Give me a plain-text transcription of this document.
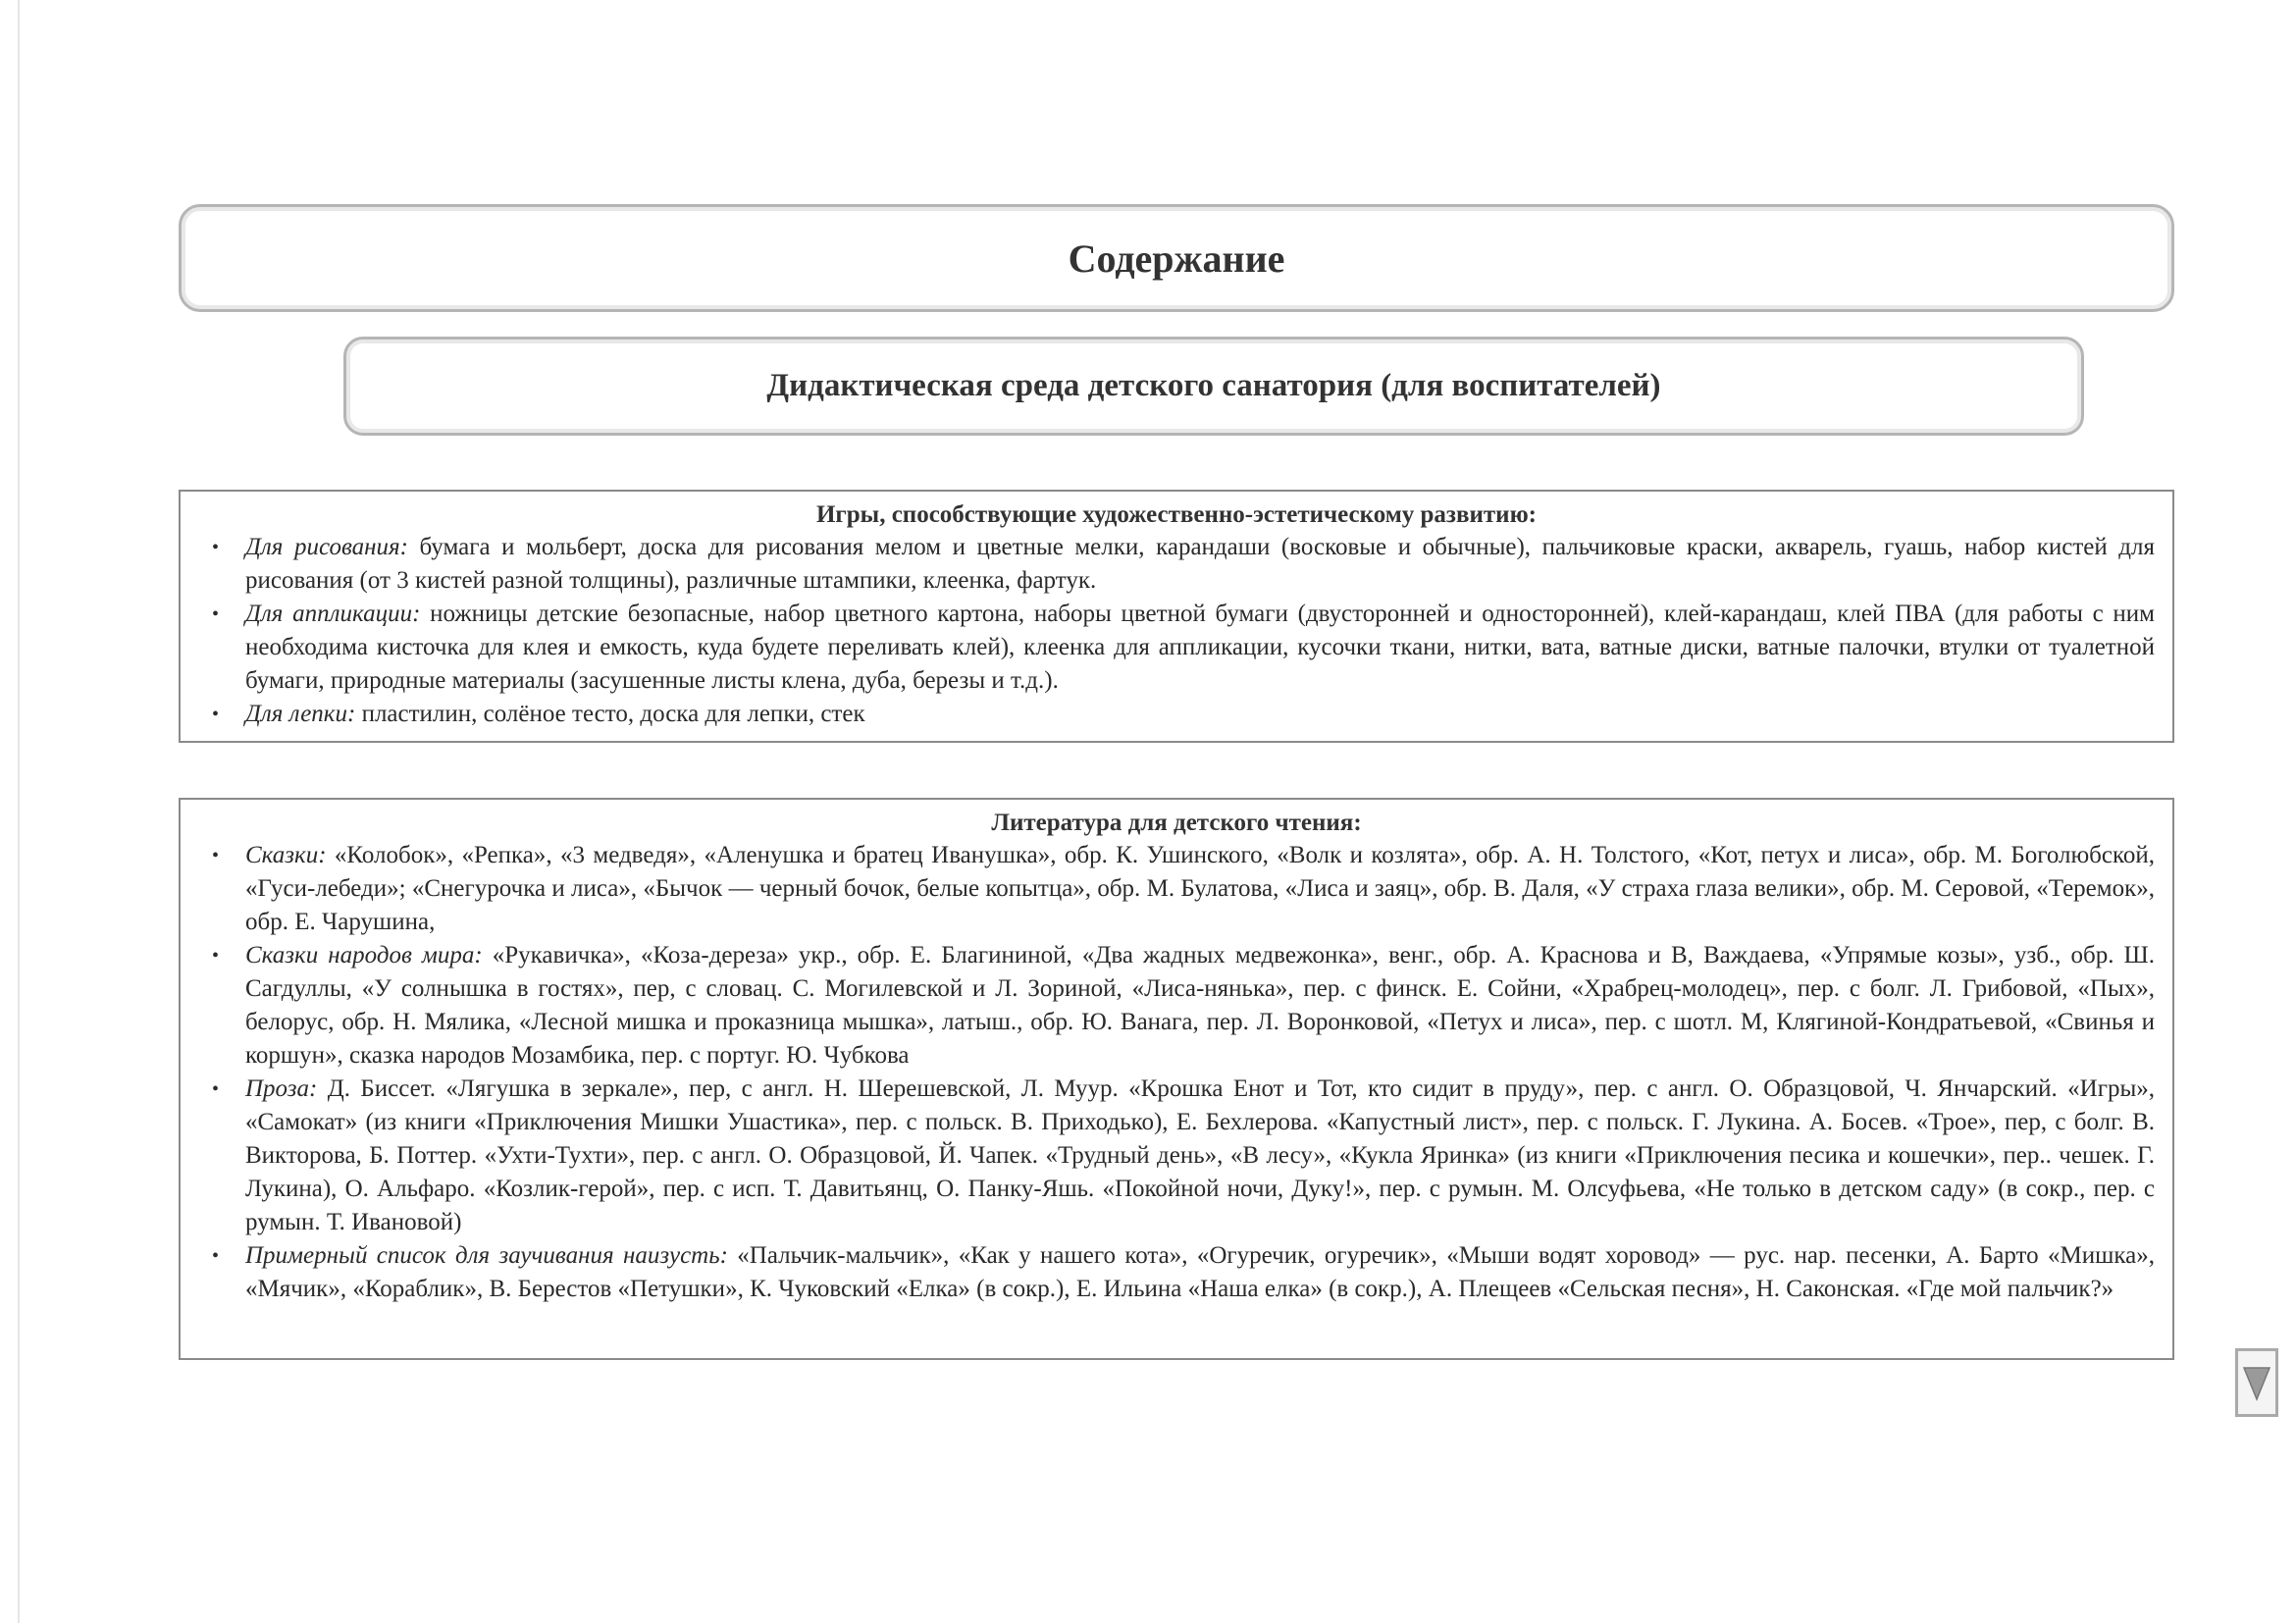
Содержание
Дидактическая среда детского санатория (для воспитателей)
Игры, способствующие художественно-эстетическому развитию:
• Для рисования: бумага и мольберт, доска для рисования мелом и цветные мелки, карандаши (восковые и обычные), пальчиковые краски, акварель, гуашь, набор кистей для рисования (от 3 кистей разной толщины), различные штампики, клеенка, фартук.
• Для аппликации: ножницы детские безопасные, набор цветного картона, наборы цветной бумаги (двусторонней и односторонней), клей-карандаш, клей ПВА (для работы с ним необходима кисточка для клея и емкость, куда будете переливать клей), клеенка для аппликации, кусочки ткани, нитки, вата, ватные диски, ватные палочки, втулки от туалетной бумаги, природные материалы (засушенные листы клена, дуба, березы и т.д.).
• Для лепки: пластилин, солёное тесто, доска для лепки, стек
Литература для детского чтения:
• Сказки: «Колобок», «Репка», «3 медведя», «Аленушка и братец Иванушка», обр. К. Ушинского, «Волк и козлята», обр. А. Н. Толстого, «Кот, петух и лиса», обр. М. Боголюбской, «Гуси-лебеди»; «Снегурочка и лиса», «Бычок — черный бочок, белые копытца», обр. М. Булатова, «Лиса и заяц», обр. В. Даля, «У страха глаза велики», обр. М. Серовой, «Теремок», обр. Е. Чарушина,
• Сказки народов мира: «Рукавичка», «Коза-дереза» укр., обр. Е. Благининой, «Два жадных медвежонка», венг., обр. А. Краснова и В, Важдаева, «Упрямые козы», узб., обр. Ш. Сагдуллы, «У солнышка в гостях», пер, с словац. С. Могилевской и Л. Зориной, «Лиса-нянька», пер. с финск. Е. Сойни, «Храбрец-молодец», пер. с болг. Л. Грибовой, «Пых», белорус, обр. Н. Мялика, «Лесной мишка и проказница мышка», латыш., обр. Ю. Ванага, пер. Л. Воронковой, «Петух и лиса», пер. с шотл. М, Клягиной-Кондратьевой, «Свинья и коршун», сказка народов Мозамбика, пер. с португ. Ю. Чубкова
• Проза: Д. Биссет. «Лягушка в зеркале», пер, с англ. Н. Шерешевской, Л. Муур. «Крошка Енот и Тот, кто сидит в пруду», пер. с англ. О. Образцовой, Ч. Янчарский. «Игры», «Самокат» (из книги «Приключения Мишки Ушастика», пер. с польск. В. Приходько), Е. Бехлерова. «Капустный лист», пер. с польск. Г. Лукина. А. Босев. «Трое», пер, с болг. В. Викторова, Б. Поттер. «Ухти-Тухти», пер. с англ. О. Образцовой, Й. Чапек. «Трудный день», «В лесу», «Кукла Яринка» (из книги «Приключения песика и кошечки», пер.. чешек. Г. Лукина), О. Альфаро. «Козлик-герой», пер. с исп. Т. Давитьянц, О. Панку-Яшь. «Покойной ночи, Дуку!», пер. с румын. М. Олсуфьева, «Не только в детском саду» (в сокр., пер. с румын. Т. Ивановой)
• Примерный список для заучивания наизусть: «Пальчик-мальчик», «Как у нашего кота», «Огуречик, огуречик», «Мыши водят хоровод» — рус. нар. песенки, А. Барто «Мишка», «Мячик», «Кораблик», В. Берестов «Петушки», К. Чуковский «Елка» (в сокр.), Е. Ильина «Наша елка» (в сокр.), А. Плещеев «Сельская песня», Н. Саконская. «Где мой пальчик?»
